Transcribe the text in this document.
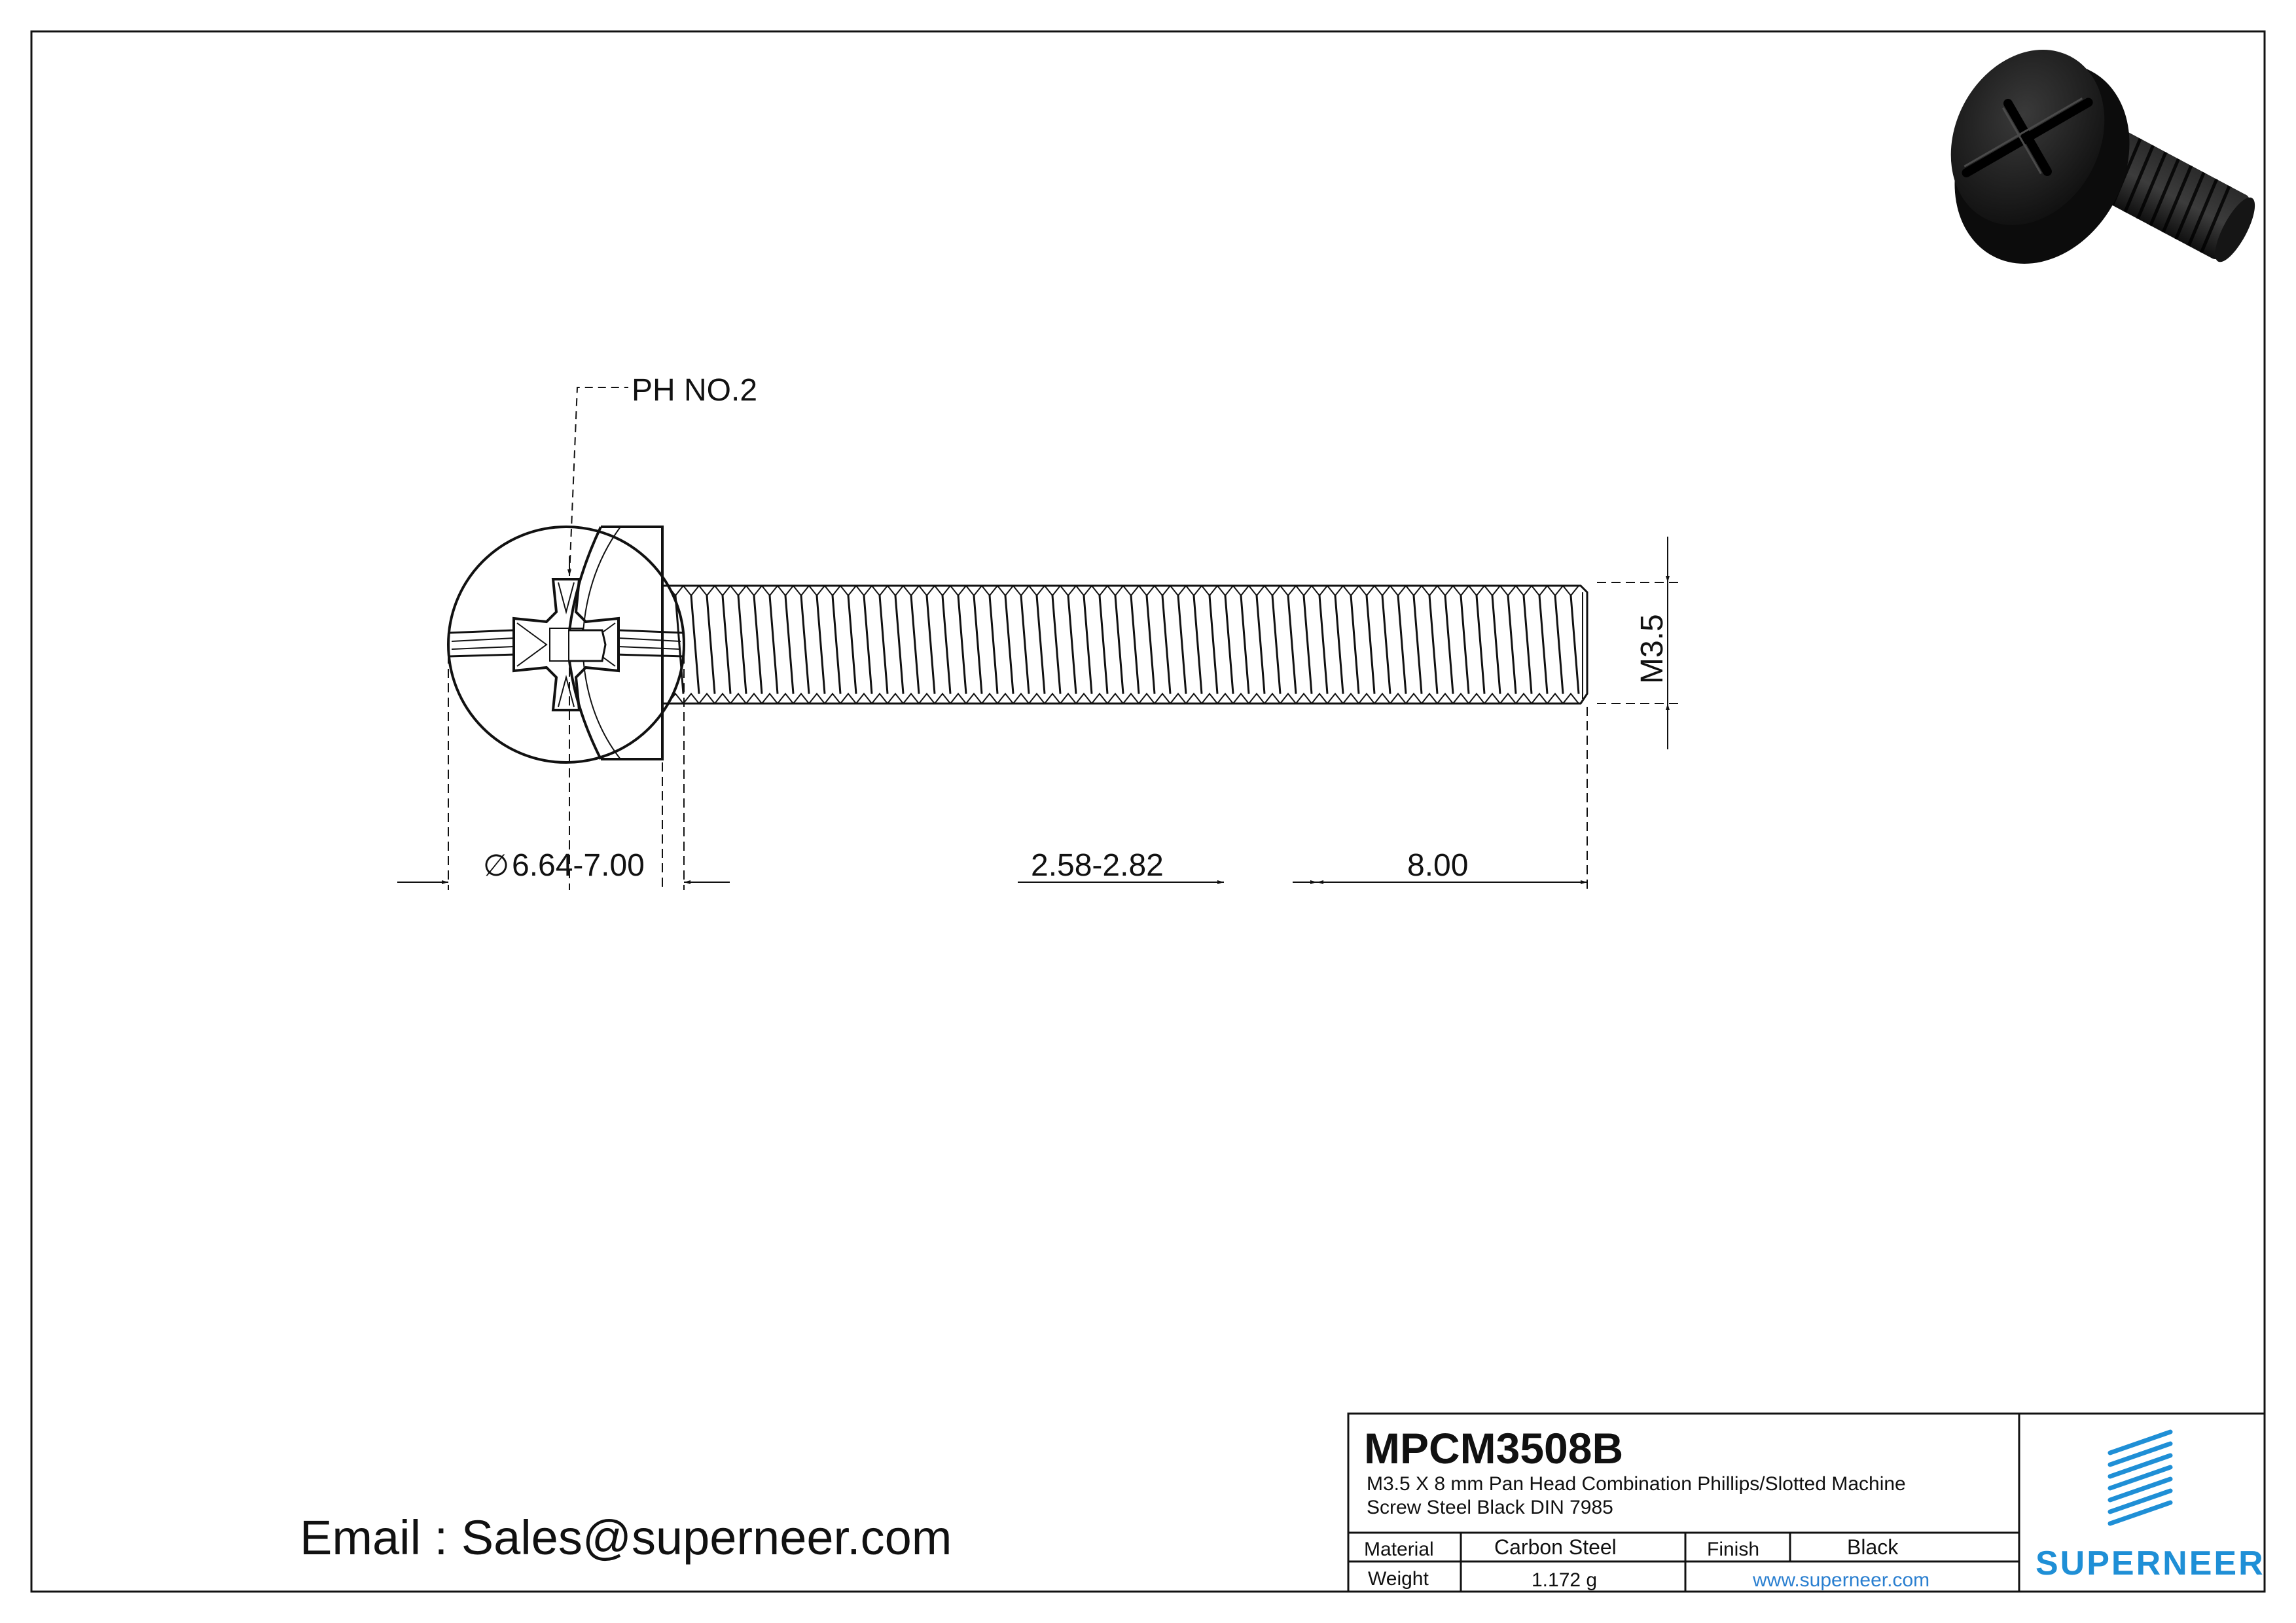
PH NO.2
∅ 6.64-7.00
M3.5
2.58-2.82	8.00
Email : Sales@superneer.com
MPCM3508B
M3.5 X 8 mm Pan Head Combination Phillips/Slotted Machine
Screw Steel Black DIN 7985
Material	Carbon Steel	Finish	Black
Weight	1.172 g	www.superneer.com	SUPERNEER
